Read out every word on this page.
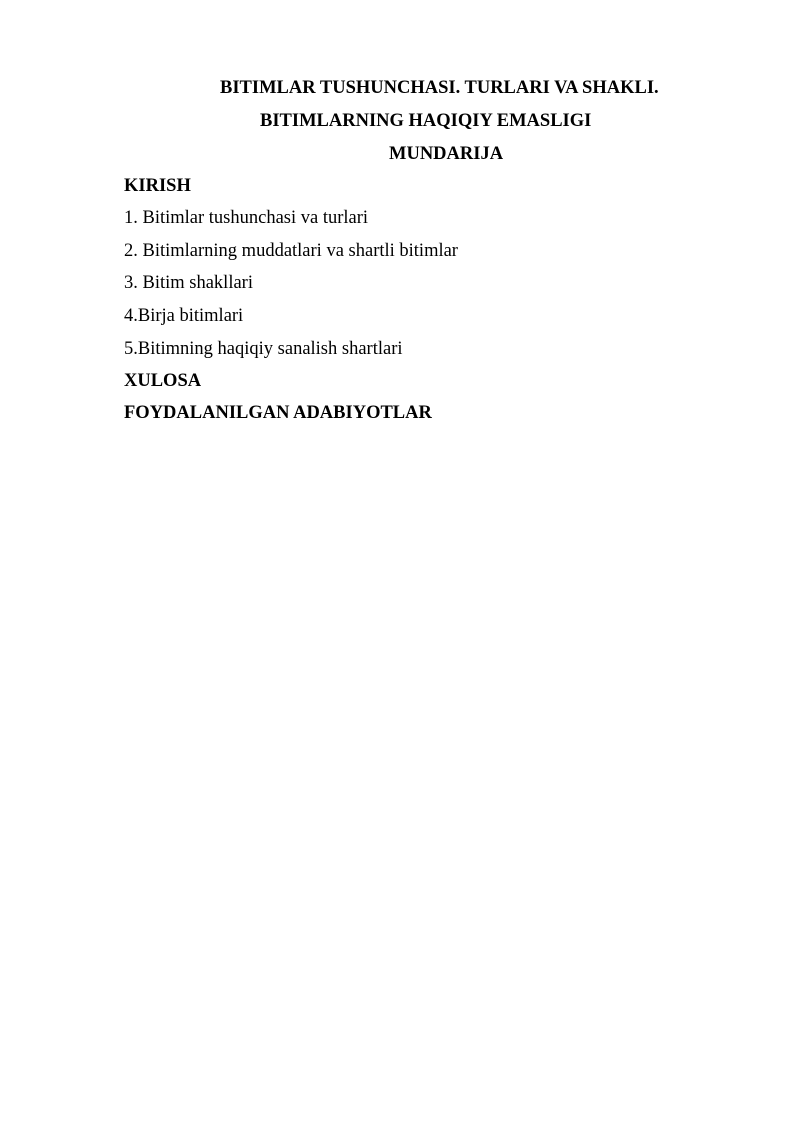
BITIMLAR TUSHUNCHASI. TURLARI VA SHAKLI.
BITIMLARNING HAQIQIY EMASLIGI
MUNDARIJA
KIRISH
1. Bitimlar tushunchasi va turlari
2. Bitimlarning muddatlari va shartli bitimlar
3. Bitim shakllari
4.Birja bitimlari
5.Bitimning haqiqiy sanalish shartlari
XULOSA
FOYDALANILGAN ADABIYOTLAR
